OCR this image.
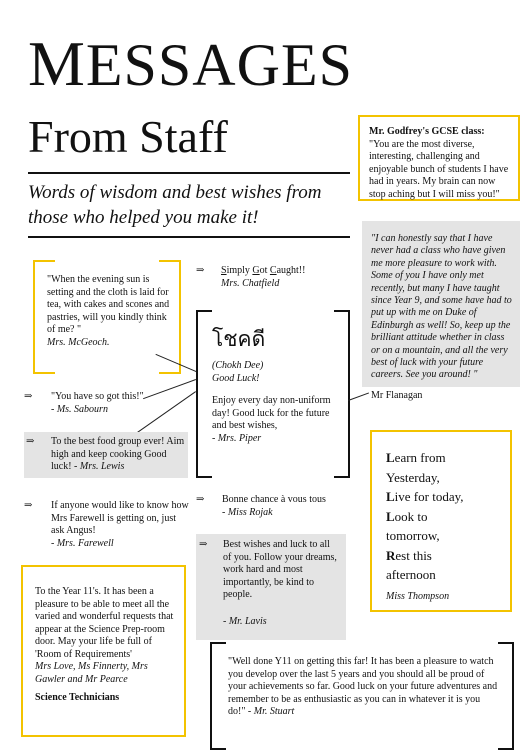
MESSAGES
From Staff
Words of wisdom and best wishes from those who helped you make it!

Mr. Godfrey's GCSE class:

"You are the most diverse, interesting, challenging and enjoyable bunch of students I have had in years. My brain can now stop aching but I will miss you!"

"I can honestly say that I have never had a class who have given me more pleasure to work with. Some of you I have only met recently, but many I have taught since Year 9, and some have had to put up with me on Duke of Edinburgh as well! So, keep up the brilliant attitude whether in class or on a mountain, and all the very best of luck with your future careers. See you around! "

Mr Flanagan

"When the evening sun is setting and the cloth is laid for tea, with cakes and scones and pastries, will you kindly think of me? "

Mrs. McGeoch.

⇒ Simply Got Caught!!

Mrs. Chatfield

โชคดี

(Chokh Dee)

Good Luck!

Enjoy every day non-uniform day! Good luck for the future and best wishes,

- Mrs. Piper

⇒ "You have so got this!"

- Ms. Sabourn

⇒ To the best food group ever! Aim high and keep cooking Good luck! - Mrs. Lewis

⇒ If anyone would like to know how Mrs Farewell is getting on, just ask Angus!

- Mrs. Farewell

⇒ Bonne chance à vous tous

- Miss Rojak

⇒ Best wishes and luck to all of you. Follow your dreams, work hard and most importantly, be kind to people.

- Mr. Lavis

Learn from

Yesterday,

Live for today,

Look to

tomorrow,

Rest this

afternoon

Miss Thompson

To the Year 11's. It has been a pleasure to be able to meet all the varied and wonderful requests that appear at the Science Prep-room door. May your life be full of 'Room of Requirements'

Mrs Love, Ms Finnerty, Mrs Gawler and Mr Pearce

Science Technicians

"Well done Y11 on getting this far! It has been a pleasure to watch you develop over the last 5 years and you should all be proud of your achievements so far. Good luck on your future adventures and remember to be as enthusiastic as you can in whatever it is you do!" - Mr. Stuart
